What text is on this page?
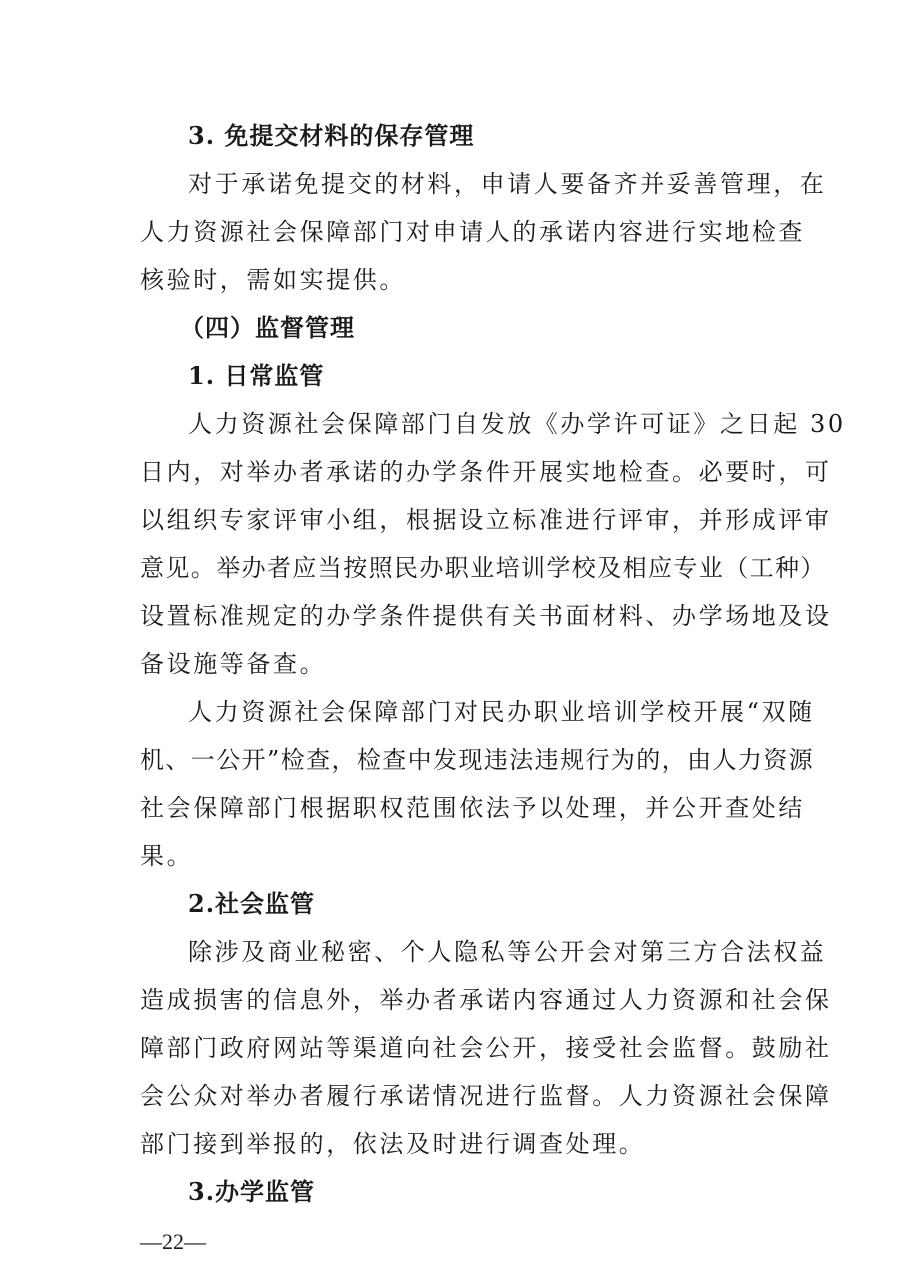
3. 免提交材料的保存管理
对于承诺免提交的材料，申请人要备齐并妥善管理，在
人力资源社会保障部门对申请人的承诺内容进行实地检查
核验时，需如实提供。
（四）监督管理
1. 日常监管
人力资源社会保障部门自发放《办学许可证》之日起 30
日内，对举办者承诺的办学条件开展实地检查。必要时，可
以组织专家评审小组，根据设立标准进行评审，并形成评审
意见。举办者应当按照民办职业培训学校及相应专业（工种）
设置标准规定的办学条件提供有关书面材料、办学场地及设
备设施等备查。
人力资源社会保障部门对民办职业培训学校开展“双随
机、一公开”检查，检查中发现违法违规行为的，由人力资源
社会保障部门根据职权范围依法予以处理，并公开查处结
果。
2.社会监管
除涉及商业秘密、个人隐私等公开会对第三方合法权益
造成损害的信息外，举办者承诺内容通过人力资源和社会保
障部门政府网站等渠道向社会公开，接受社会监督。鼓励社
会公众对举办者履行承诺情况进行监督。人力资源社会保障
部门接到举报的，依法及时进行调查处理。
3.办学监管
—22—
